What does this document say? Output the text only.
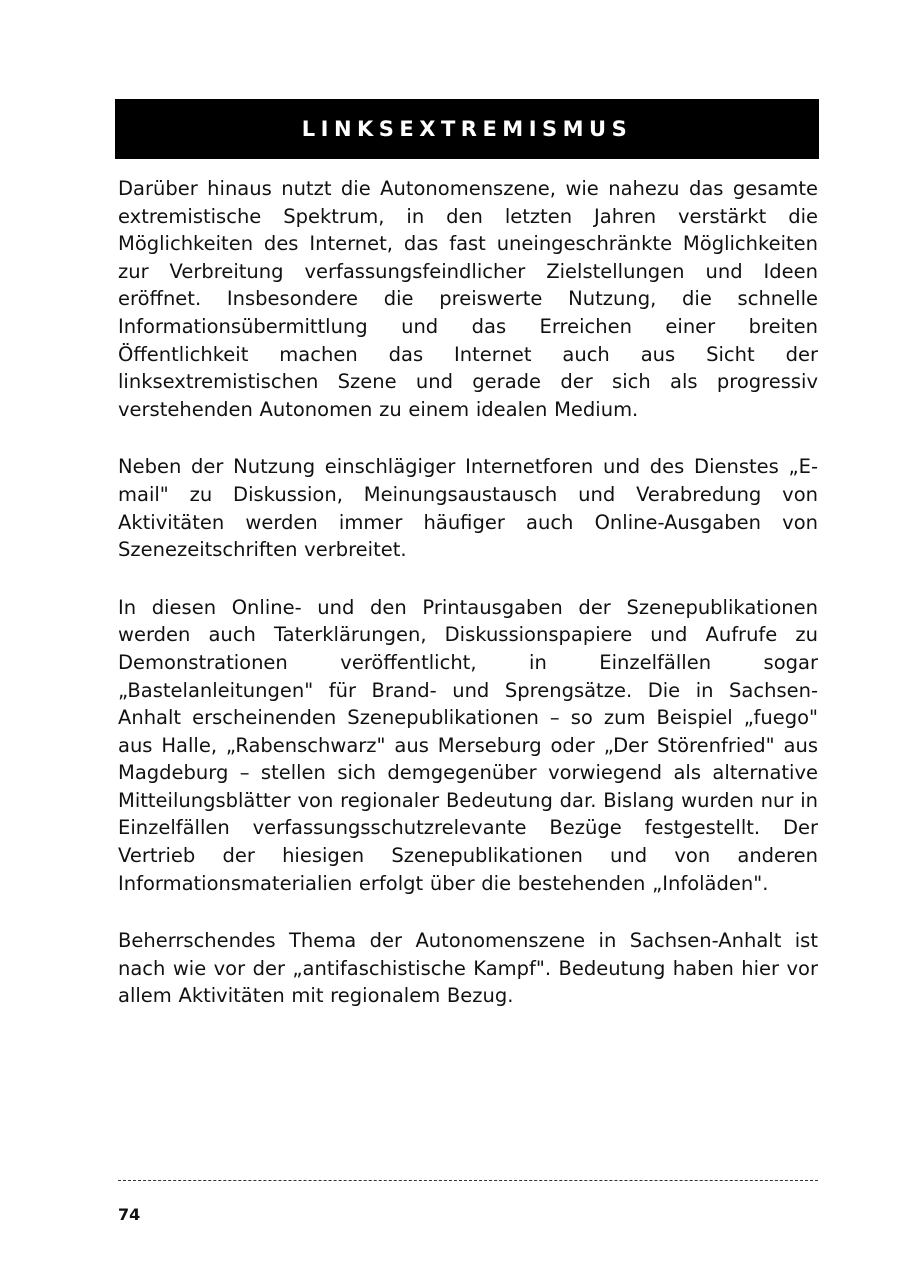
LINKSEXTREMISMUS

Darüber hinaus nutzt die Autonomenszene, wie nahezu das gesamte extremistische Spektrum, in den letzten Jahren verstärkt die Möglichkeiten des Internet, das fast uneingeschränkte Möglichkeiten zur Verbreitung verfassungsfeindlicher Zielstellungen und Ideen eröffnet. Insbesondere die preiswerte Nutzung, die schnelle Informationsübermittlung und das Erreichen einer breiten Öffentlichkeit machen das Internet auch aus Sicht der linksextremistischen Szene und gerade der sich als progressiv verstehenden Autonomen zu einem idealen Medium.

Neben der Nutzung einschlägiger Internetforen und des Dienstes „E-mail" zu Diskussion, Meinungsaustausch und Verabredung von Aktivitäten werden immer häufiger auch Online-Ausgaben von Szenezeitschriften verbreitet.

In diesen Online- und den Printausgaben der Szenepublikationen werden auch Taterklärungen, Diskussionspapiere und Aufrufe zu Demonstrationen veröffentlicht, in Einzelfällen sogar „Bastelanleitungen" für Brand- und Sprengsätze. Die in Sachsen-Anhalt erscheinenden Szenepublikationen – so zum Beispiel „fuego" aus Halle, „Rabenschwarz" aus Merseburg oder „Der Störenfried" aus Magdeburg – stellen sich demgegenüber vorwiegend als alternative Mitteilungsblätter von regionaler Bedeutung dar. Bislang wurden nur in Einzelfällen verfassungsschutzrelevante Bezüge festgestellt. Der Vertrieb der hiesigen Szenepublikationen und von anderen Informationsmaterialien erfolgt über die bestehenden „Infoläden".

Beherrschendes Thema der Autonomenszene in Sachsen-Anhalt ist nach wie vor der „antifaschistische Kampf". Bedeutung haben hier vor allem Aktivitäten mit regionalem Bezug.

74
